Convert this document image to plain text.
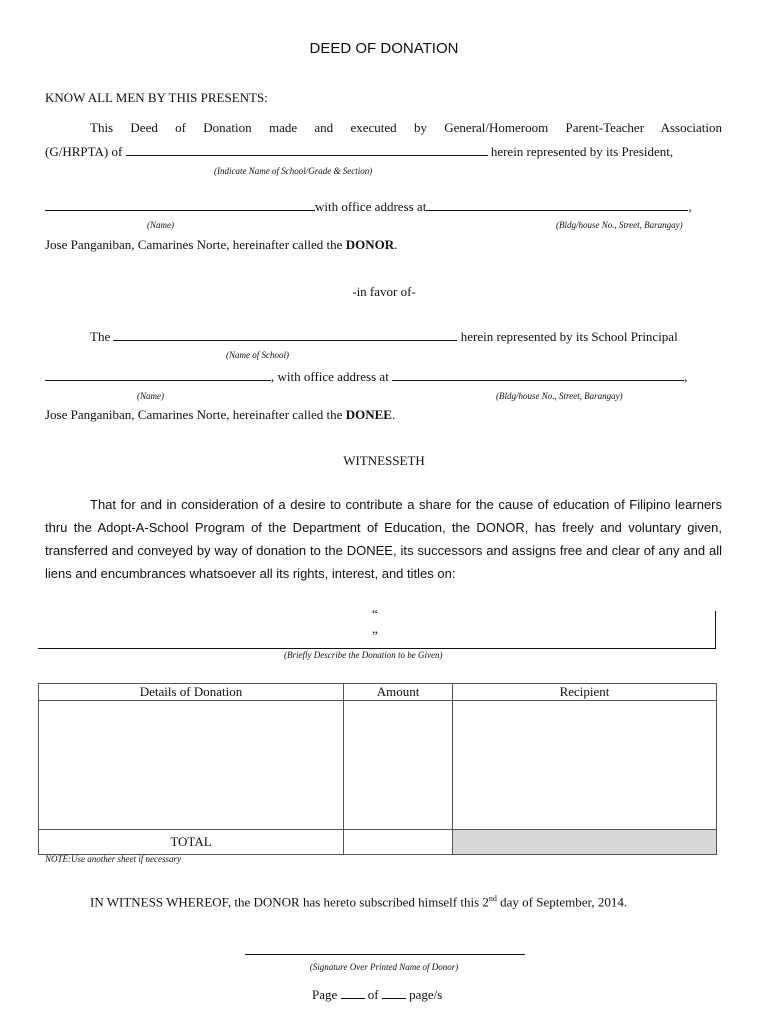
DEED OF DONATION
KNOW ALL MEN BY THIS PRESENTS:
This Deed of Donation made and executed by General/Homeroom Parent-Teacher Association
(G/HRPTA) of	herein represented by its President,
(Indicate Name of School/Grade & Section)
with office address at	,
(Name)	(Bldg/house No., Street, Barangay)
Jose Panganiban, Camarines Norte, hereinafter called the DONOR.
-in favor of-
The	herein represented by its School Principal
(Name of School)
, with office address at	,
(Name)	(Bldg/house No., Street, Barangay)
Jose Panganiban, Camarines Norte, hereinafter called the DONEE.
WITNESSETH
That for and in consideration of a desire to contribute a share for the cause of education of Filipino learners thru the Adopt-A-School Program of the Department of Education, the DONOR, has freely and voluntary given, transferred and conveyed by way of donation to the DONEE, its successors and assigns free and clear of any and all liens and encumbrances whatsoever all its rights, interest, and titles on:
“
”
(Briefly Describe the Donation to be Given)
Details of Donation	Amount	Recipient

TOTAL		
NOTE:Use another sheet if necessary
IN WITNESS WHEREOF, the DONOR has hereto subscribed himself this 2nd day of September, 2014.
(Signature Over Printed Name of Donor)
Page of page/s
